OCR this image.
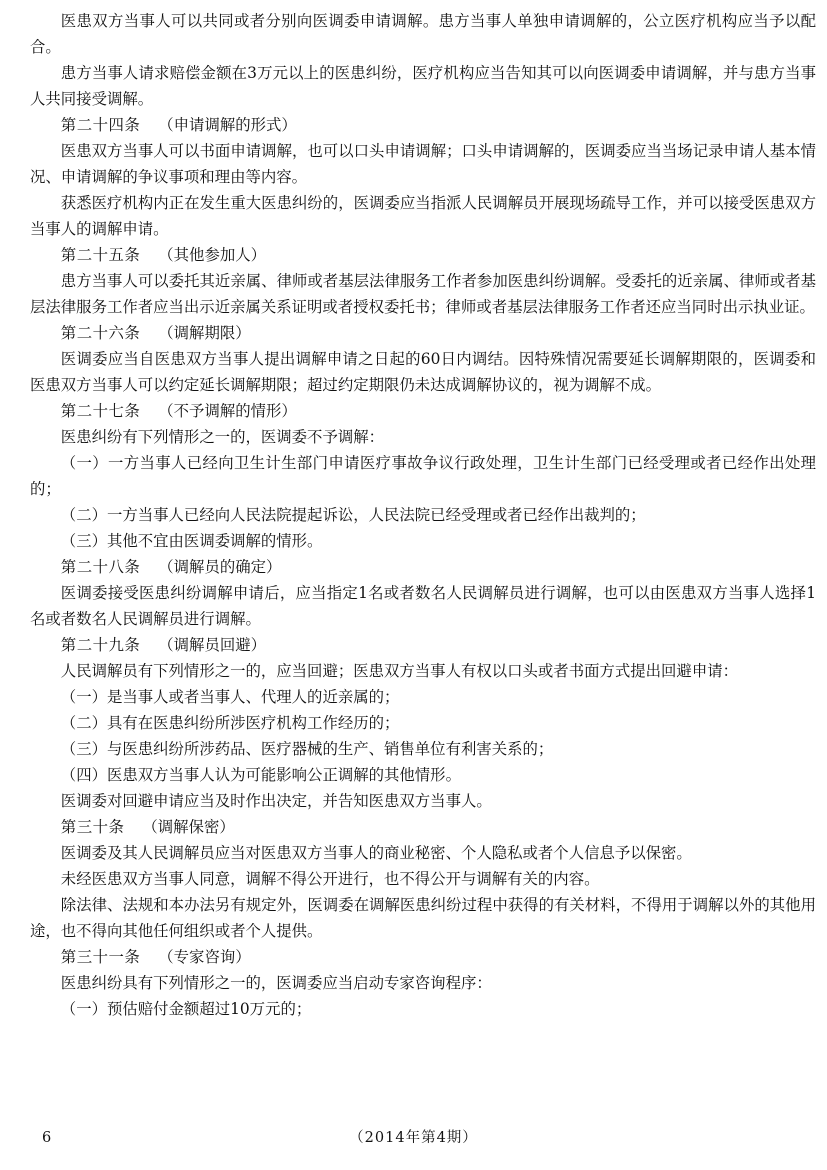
医患双方当事人可以共同或者分别向医调委申请调解。患方当事人单独申请调解的，公立医疗机构应当予以配合。

患方当事人请求赔偿金额在3万元以上的医患纠纷，医疗机构应当告知其可以向医调委申请调解，并与患方当事人共同接受调解。

第二十四条 （申请调解的形式）

医患双方当事人可以书面申请调解，也可以口头申请调解；口头申请调解的，医调委应当当场记录申请人基本情况、申请调解的争议事项和理由等内容。

获悉医疗机构内正在发生重大医患纠纷的，医调委应当指派人民调解员开展现场疏导工作，并可以接受医患双方当事人的调解申请。

第二十五条 （其他参加人）

患方当事人可以委托其近亲属、律师或者基层法律服务工作者参加医患纠纷调解。受委托的近亲属、律师或者基层法律服务工作者应当出示近亲属关系证明或者授权委托书；律师或者基层法律服务工作者还应当同时出示执业证。

第二十六条 （调解期限）

医调委应当自医患双方当事人提出调解申请之日起的60日内调结。因特殊情况需要延长调解期限的，医调委和医患双方当事人可以约定延长调解期限；超过约定期限仍未达成调解协议的，视为调解不成。

第二十七条 （不予调解的情形）

医患纠纷有下列情形之一的，医调委不予调解：

（一）一方当事人已经向卫生计生部门申请医疗事故争议行政处理，卫生计生部门已经受理或者已经作出处理的；

（二）一方当事人已经向人民法院提起诉讼，人民法院已经受理或者已经作出裁判的；

（三）其他不宜由医调委调解的情形。

第二十八条 （调解员的确定）

医调委接受医患纠纷调解申请后，应当指定1名或者数名人民调解员进行调解，也可以由医患双方当事人选择1名或者数名人民调解员进行调解。

第二十九条 （调解员回避）

人民调解员有下列情形之一的，应当回避；医患双方当事人有权以口头或者书面方式提出回避申请：

（一）是当事人或者当事人、代理人的近亲属的；

（二）具有在医患纠纷所涉医疗机构工作经历的；

（三）与医患纠纷所涉药品、医疗器械的生产、销售单位有利害关系的；

（四）医患双方当事人认为可能影响公正调解的其他情形。

医调委对回避申请应当及时作出决定，并告知医患双方当事人。

第三十条 （调解保密）

医调委及其人民调解员应当对医患双方当事人的商业秘密、个人隐私或者个人信息予以保密。

未经医患双方当事人同意，调解不得公开进行，也不得公开与调解有关的内容。

除法律、法规和本办法另有规定外，医调委在调解医患纠纷过程中获得的有关材料，不得用于调解以外的其他用途，也不得向其他任何组织或者个人提供。

第三十一条 （专家咨询）

医患纠纷具有下列情形之一的，医调委应当启动专家咨询程序：

（一）预估赔付金额超过10万元的；

6	（2014年第4期）
